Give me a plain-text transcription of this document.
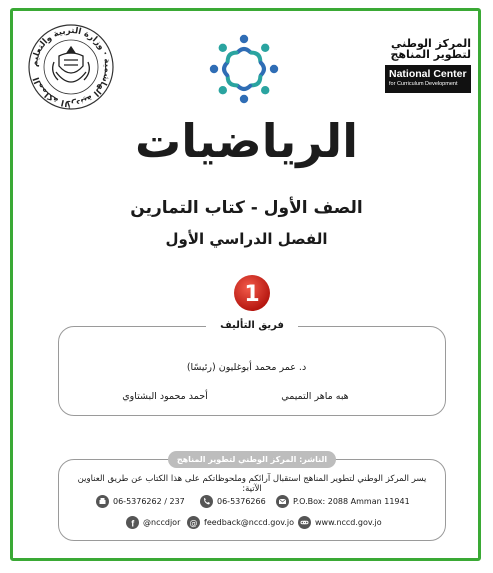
المملكة الأردنية الهاشمية · وزارة التربية والتعليم
المركز الوطني لتطوير المناهج
National Center
for Curriculum Development
الرياضيات
الصف الأول - كتاب التمارين
الفصل الدراسي الأول
1
فريق التأليف
د. عمر محمد أبوغليون (رئيسًا)
هبه ماهر التميمي
أحمد محمود البشتاوي
الناشر: المركز الوطني لتطوير المناهج
يسر المركز الوطني لتطوير المناهج استقبال آرائكم وملحوظاتكم على هذا الكتاب عن طريق العناوين الآتية:
06-5376262 / 237	06-5376266	P.O.Box: 2088 Amman 11941
f @nccdjor @ feedback@nccd.gov.jo	www.nccd.gov.jo
